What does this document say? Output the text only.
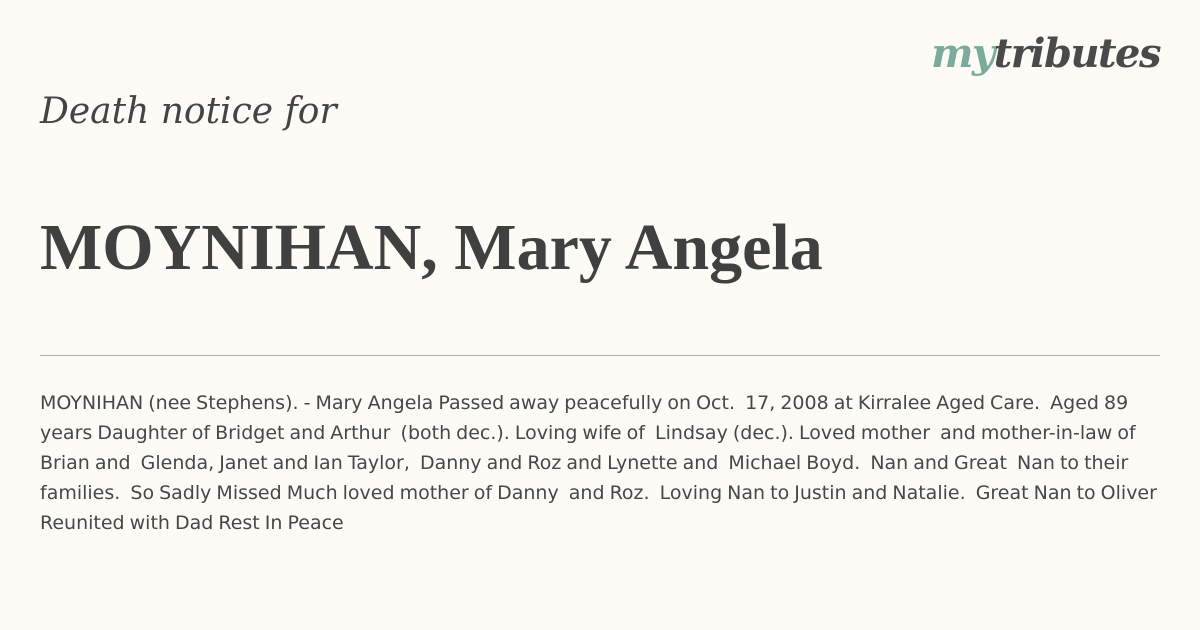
mytributes

Death notice for

MOYNIHAN, Mary Angela

MOYNIHAN (nee Stephens). - Mary Angela Passed away peacefully on Oct.  17, 2008 at Kirralee Aged Care.  Aged 89 years Daughter of Bridget and Arthur  (both dec.). Loving wife of  Lindsay (dec.). Loved mother  and mother-in-law of Brian and  Glenda, Janet and Ian Taylor,  Danny and Roz and Lynette and  Michael Boyd.  Nan and Great  Nan to their families.  So Sadly Missed Much loved mother of Danny  and Roz.  Loving Nan to Justin and Natalie.  Great Nan to Oliver Reunited with Dad Rest In Peace
